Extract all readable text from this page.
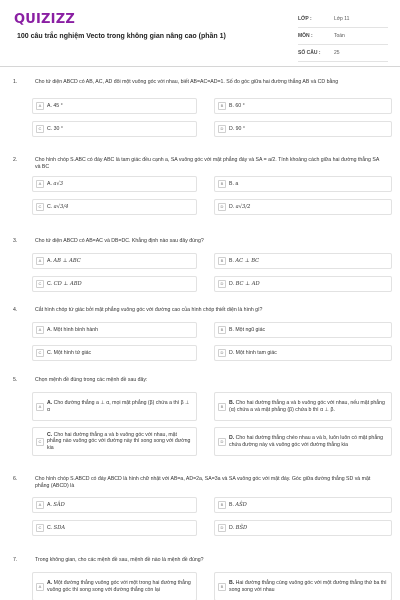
QUIZIZZ
100 câu trắc nghiệm Vecto trong không gian nâng cao (phần 1)
LỚP :	Lớp 11
MÔN :	Toán
SỐ CÂU :	25
1.	Cho tứ diện ABCD có AB, AC, AD đôi một vuông góc với nhau, biết AB=AC=AD=1. Số đo góc giữa hai đường thẳng AB và CD bằng
A	A. 45 °	B	B. 60 °
C	C. 30 °	D	D. 90 °
2.	Cho hình chóp S.ABC có đáy ABC là tam giác đều cạnh a, SA vuông góc với mặt phẳng đáy và SA = a/2. Tính khoảng cách giữa hai đường thẳng SA và BC
A	A. a√3	B	B. a
C	C. a√3/4	D	D. a√3/2
3.	Cho tứ diện ABCD có AB=AC và DB=DC. Khẳng định nào sau đây đúng?
A	A. AB ⊥ ABC	B	B. AC ⊥ BC
C	C. CD ⊥ ABD	D	D. BC ⊥ AD
4.	Cắt hình chóp tứ giác bởi mặt phẳng vuông góc với đường cao của hình chóp thiết diện là hình gì?
A	A. Một hình bình hành	B	B. Một ngũ giác
C	C. Một hình tứ giác	D	D. Một hình tam giác
5.	Chọn mệnh đề đúng trong các mệnh đề sau đây:
A
A. Cho đường thẳng a ⊥ α, mọi mặt phẳng (β) chứa a thì β ⊥ α
B
B. Cho hai đường thẳng a và b vuông góc với nhau, nếu mặt phẳng (α) chứa a và mặt phẳng (β) chứa b thì α ⊥ β.
C
C. Cho hai đường thẳng a và b vuông góc với nhau, mặt phẳng nào vuông góc với đường này thì song song với đường kia
D
D. Cho hai đường thẳng chéo nhau a và b, luôn luôn có mặt phẳng chứa đường này và vuông góc với đường thẳng kia
6.	Cho hình chóp S.ABCD có đáy ABCD là hình chữ nhật với AB=a, AD=2a, SA=3a và SA vuông góc với mặt đáy. Góc giữa đường thẳng SD và mặt phẳng (ABCD) là
A	A. SÂD	B	B. AŜD
C	C. SDA	D	D. BŜD
7.	Trong không gian, cho các mệnh đề sau, mệnh đề nào là mệnh đề đúng?
A
A. Một đường thẳng vuông góc với một trong hai đường thẳng vuông góc thì song song với đường thẳng còn lại
B
B. Hai đường thẳng cùng vuông góc với một đường thẳng thứ ba thì song song với nhau
